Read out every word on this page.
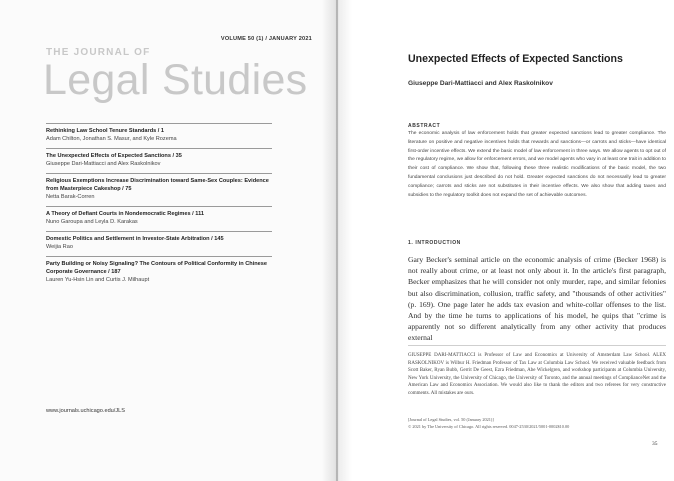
VOLUME 50 (1) / JANUARY 2021
THE JOURNAL OF
Legal Studies
Rethinking Law School Tenure Standards / 1
Adam Chilton, Jonathan S. Masur, and Kyle Rozema
The Unexpected Effects of Expected Sanctions / 35
Giuseppe Dari-Mattiacci and Alex Raskolnikov
Religious Exemptions Increase Discrimination toward Same-Sex Couples: Evidence from Masterpiece Cakeshop / 75
Netta Barak-Corren
A Theory of Defiant Courts in Nondemocratic Regimes / 111
Nuno Garoupa and Leyla D. Karakas
Domestic Politics and Settlement in Investor-State Arbitration / 145
Weijia Rao
Party Building or Noisy Signaling? The Contours of Political Conformity in Chinese Corporate Governance / 187
Lauren Yu-Hsin Lin and Curtis J. Milhaupt
www.journals.uchicago.edu/JLS
Unexpected Effects of Expected Sanctions
Giuseppe Dari-Mattiacci and Alex Raskolnikov
ABSTRACT
The economic analysis of law enforcement holds that greater expected sanctions lead to greater compliance. The literature on positive and negative incentives holds that rewards and sanctions—or carrots and sticks—have identical first-order incentive effects. We extend the basic model of law enforcement in three ways. We allow agents to opt out of the regulatory regime, we allow for enforcement errors, and we model agents who vary in at least one trait in addition to their cost of compliance. We show that, following these three realistic modifications of the basic model, the two fundamental conclusions just described do not hold. Greater expected sanctions do not necessarily lead to greater compliance; carrots and sticks are not substitutes in their incentive effects. We also show that adding taxes and subsidies to the regulatory toolkit does not expand the set of achievable outcomes.
1. INTRODUCTION
Gary Becker's seminal article on the economic analysis of crime (Becker 1968) is not really about crime, or at least not only about it. In the article's first paragraph, Becker emphasizes that he will consider not only murder, rape, and similar felonies but also discrimination, collusion, traffic safety, and "thousands of other activities" (p. 169). One page later he adds tax evasion and white-collar offenses to the list. And by the time he turns to applications of his model, he quips that "crime is apparently not so different analytically from any other activity that produces external
GIUSEPPE DARI-MATTIACCI is Professor of Law and Economics at University of Amsterdam Law School. ALEX RASKOLNIKOV is Wilbur H. Friedman Professor of Tax Law at Columbia Law School. We received valuable feedback from Scott Baker, Ryan Bubb, Gerrit De Geest, Ezra Friedman, Abe Wickelgren, and workshop participants at Columbia University, New York University, the University of Chicago, the University of Toronto, and the annual meetings of ComplianceNet and the American Law and Economics Association. We would also like to thank the editors and two referees for very constructive comments. All mistakes are ours.
[Journal of Legal Studies, vol. 50 (January 2021)]
© 2021 by The University of Chicago. All rights reserved. 0047-2530/2021/5001-0002$10.00
35
